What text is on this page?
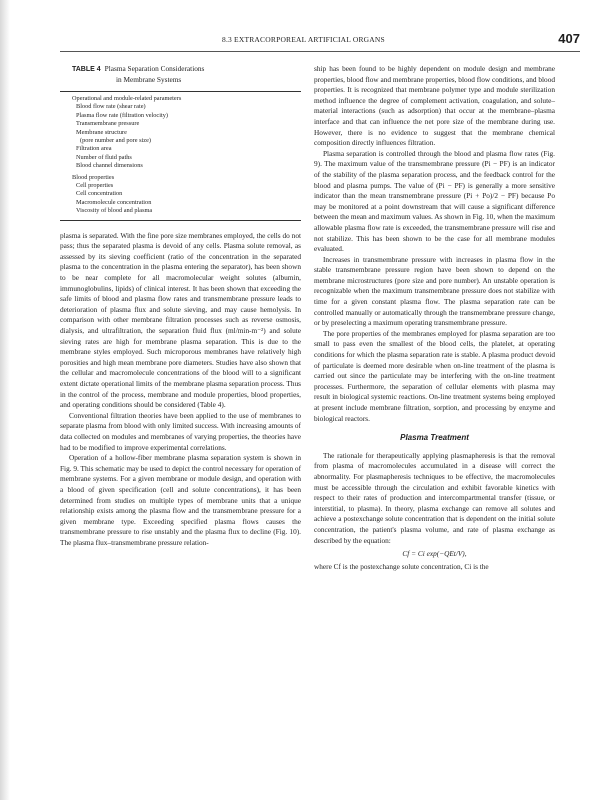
8.3 EXTRACORPOREAL ARTIFICIAL ORGANS	407
TABLE 4 Plasma Separation Considerations
in Membrane Systems
Operational and module-related parameters
Blood flow rate (shear rate)
Plasma flow rate (filtration velocity)
Transmembrane pressure
Membrane structure
(pore number and pore size)
Filtration area
Number of fluid paths
Blood channel dimensions
Blood properties
Cell properties
Cell concentration
Macromolecule concentration
Viscosity of blood and plasma

plasma is separated. With the fine pore size membranes employed, the cells do not pass; thus the separated plasma is devoid of any cells. Plasma solute removal, as assessed by its sieving coefficient (ratio of the concentration in the separated plasma to the concentration in the plasma entering the separator), has been shown to be near complete for all macromolecular weight solutes (albumin, immunoglobulins, lipids) of clinical interest. It has been shown that exceeding the safe limits of blood and plasma flow rates and transmembrane pressure leads to deterioration of plasma flux and solute sieving, and may cause hemolysis. In comparison with other membrane filtration processes such as reverse osmosis, dialysis, and ultrafiltration, the separation fluid flux (ml/min-m⁻²) and solute sieving rates are high for membrane plasma separation. This is due to the membrane styles employed. Such microporous membranes have relatively high porosities and high mean membrane pore diameters. Studies have also shown that the cellular and macromolecule concentrations of the blood will to a significant extent dictate operational limits of the membrane plasma separation process. Thus in the control of the process, membrane and module properties, blood properties, and operating conditions should be considered (Table 4).

Conventional filtration theories have been applied to the use of membranes to separate plasma from blood with only limited success. With increasing amounts of data collected on modules and membranes of varying properties, the theories have had to be modified to improve experimental correlations.

Operation of a hollow-fiber membrane plasma separation system is shown in Fig. 9. This schematic may be used to depict the control necessary for operation of membrane systems. For a given membrane or module design, and operation with a blood of given specification (cell and solute concentrations), it has been determined from studies on multiple types of membrane units that a unique relationship exists among the plasma flow and the transmembrane pressure for a given membrane type. Exceeding specified plasma flows causes the transmembrane pressure to rise unstably and the plasma flux to decline (Fig. 10). The plasma flux–transmembrane pressure relation-

ship has been found to be highly dependent on module design and membrane properties, blood flow and membrane properties, blood flow conditions, and blood properties. It is recognized that membrane polymer type and module sterilization method influence the degree of complement activation, coagulation, and solute–material interactions (such as adsorption) that occur at the membrane–plasma interface and that can influence the net pore size of the membrane during use. However, there is no evidence to suggest that the membrane chemical composition directly influences filtration.

Plasma separation is controlled through the blood and plasma flow rates (Fig. 9). The maximum value of the transmembrane pressure (Pi − PF) is an indicator of the stability of the plasma separation process, and the feedback control for the blood and plasma pumps. The value of (Pi − PF) is generally a more sensitive indicator than the mean transmembrane pressure (Pi + Po)/2 − PF) because Po may be monitored at a point downstream that will cause a significant difference between the mean and maximum values. As shown in Fig. 10, when the maximum allowable plasma flow rate is exceeded, the transmembrane pressure will rise and not stabilize. This has been shown to be the case for all membrane modules evaluated.

Increases in transmembrane pressure with increases in plasma flow in the stable transmembrane pressure region have been shown to depend on the membrane microstructures (pore size and pore number). An unstable operation is recognizable when the maximum transmembrane pressure does not stabilize with time for a given constant plasma flow. The plasma separation rate can be controlled manually or automatically through the transmembrane pressure change, or by preselecting a maximum operating transmembrane pressure.

The pore properties of the membranes employed for plasma separation are too small to pass even the smallest of the blood cells, the platelet, at operating conditions for which the plasma separation rate is stable. A plasma product devoid of particulate is deemed more desirable when on-line treatment of the plasma is carried out since the particulate may be interfering with the on-line treatment processes. Furthermore, the separation of cellular elements with plasma may result in biological systemic reactions. On-line treatment systems being employed at present include membrane filtration, sorption, and processing by enzyme and biological reactors.

Plasma Treatment

The rationale for therapeutically applying plasmapheresis is that the removal from plasma of macromolecules accumulated in a disease will correct the abnormality. For plasmapheresis techniques to be effective, the macromolecules must be accessible through the circulation and exhibit favorable kinetics with respect to their rates of production and intercompartmental transfer (tissue, or interstitial, to plasma). In theory, plasma exchange can remove all solutes and achieve a postexchange solute concentration that is dependent on the initial solute concentration, the patient's plasma volume, and rate of plasma exchange as described by the equation:

Cf = Ci exp(−QEt/V),

where Cf is the postexchange solute concentration, Ci is the
